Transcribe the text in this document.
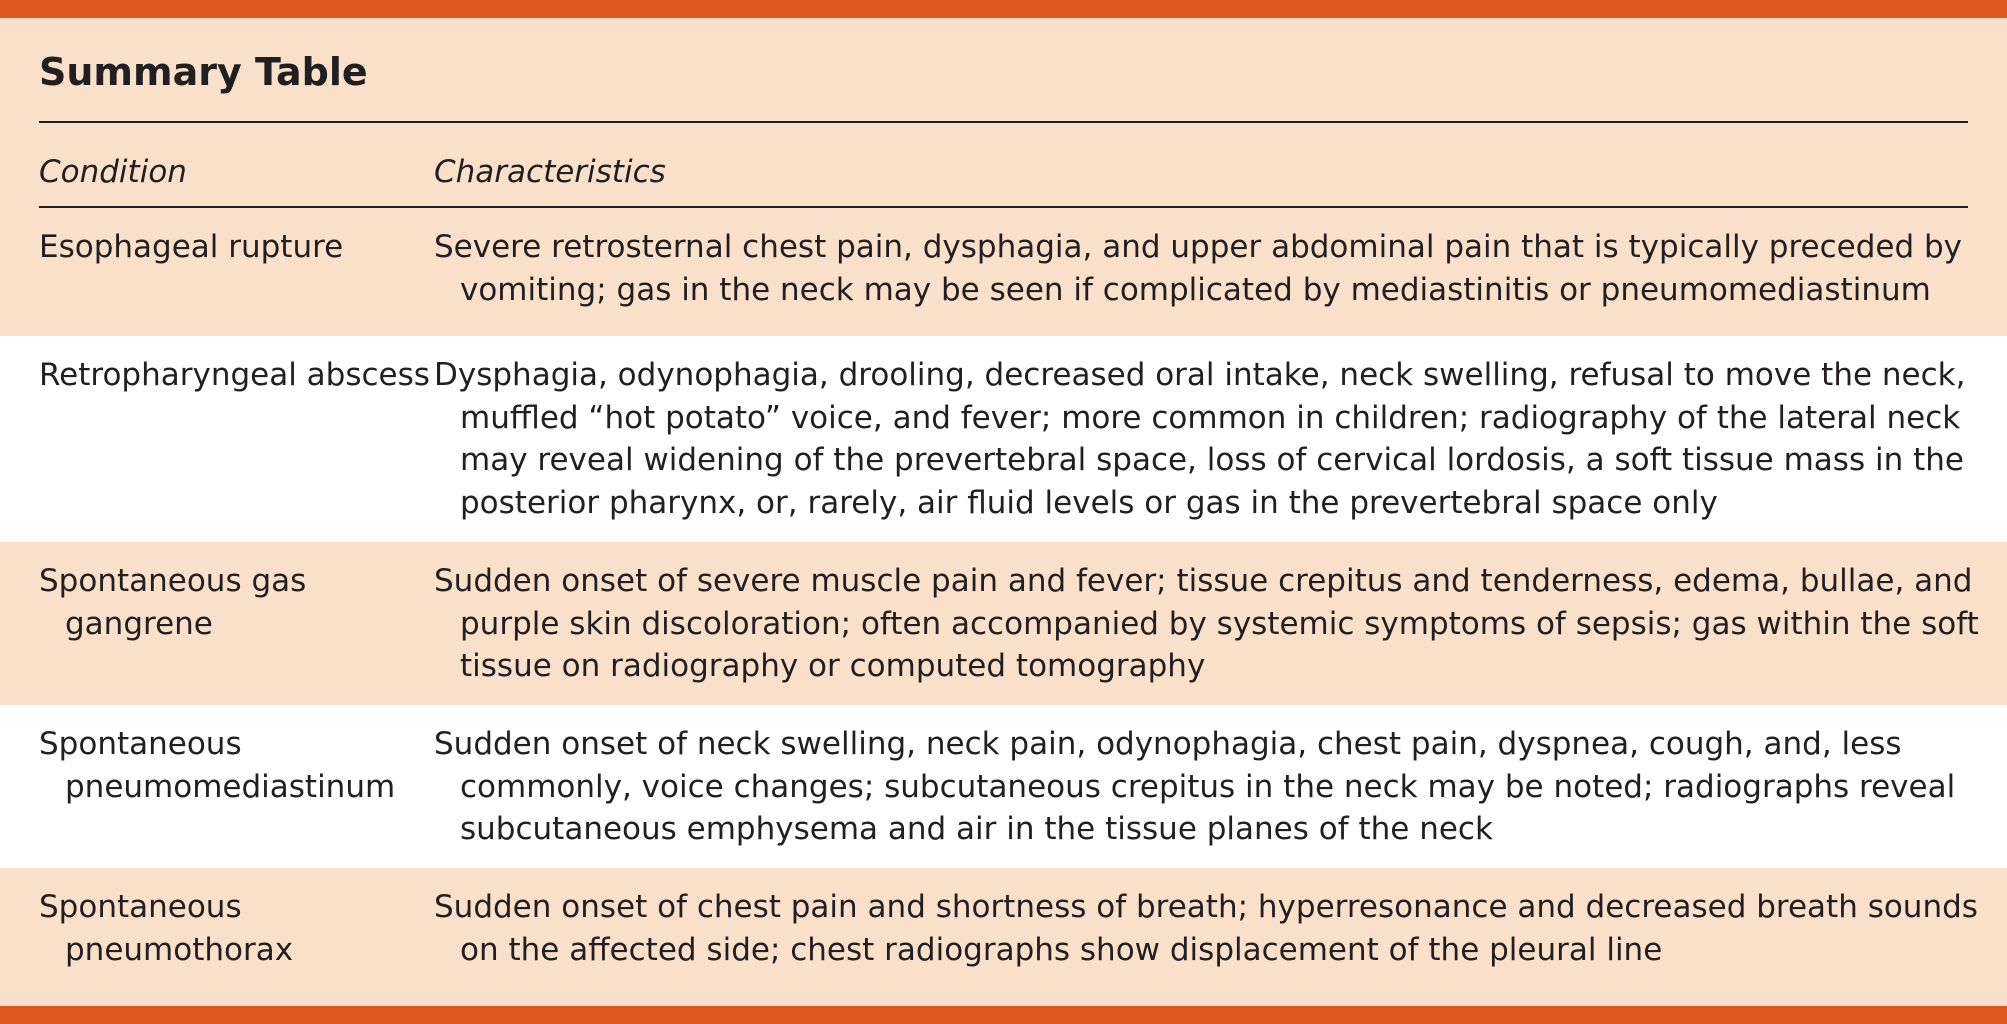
Summary Table
Condition	Characteristics
Esophageal rupture	Severe retrosternal chest pain, dysphagia, and upper abdominal pain that is typically preceded by vomiting; gas in the neck may be seen if complicated by mediastinitis or pneumomediastinum
Retropharyngeal abscess Dysphagia, odynophagia, drooling, decreased oral intake, neck swelling, refusal to move the neck, muffled “hot potato” voice, and fever; more common in children; radiography of the lateral neck may reveal widening of the prevertebral space, loss of cervical lordosis, a soft tissue mass in the posterior pharynx, or, rarely, air fluid levels or gas in the prevertebral space only
Spontaneous gas gangrene
Sudden onset of severe muscle pain and fever; tissue crepitus and tenderness, edema, bullae, and purple skin discoloration; often accompanied by systemic symptoms of sepsis; gas within the soft tissue on radiography or computed tomography
Spontaneous pneumomediastinum
Sudden onset of neck swelling, neck pain, odynophagia, chest pain, dyspnea, cough, and, less commonly, voice changes; subcutaneous crepitus in the neck may be noted; radiographs reveal subcutaneous emphysema and air in the tissue planes of the neck
Spontaneous pneumothorax
Sudden onset of chest pain and shortness of breath; hyperresonance and decreased breath sounds on the affected side; chest radiographs show displacement of the pleural line
